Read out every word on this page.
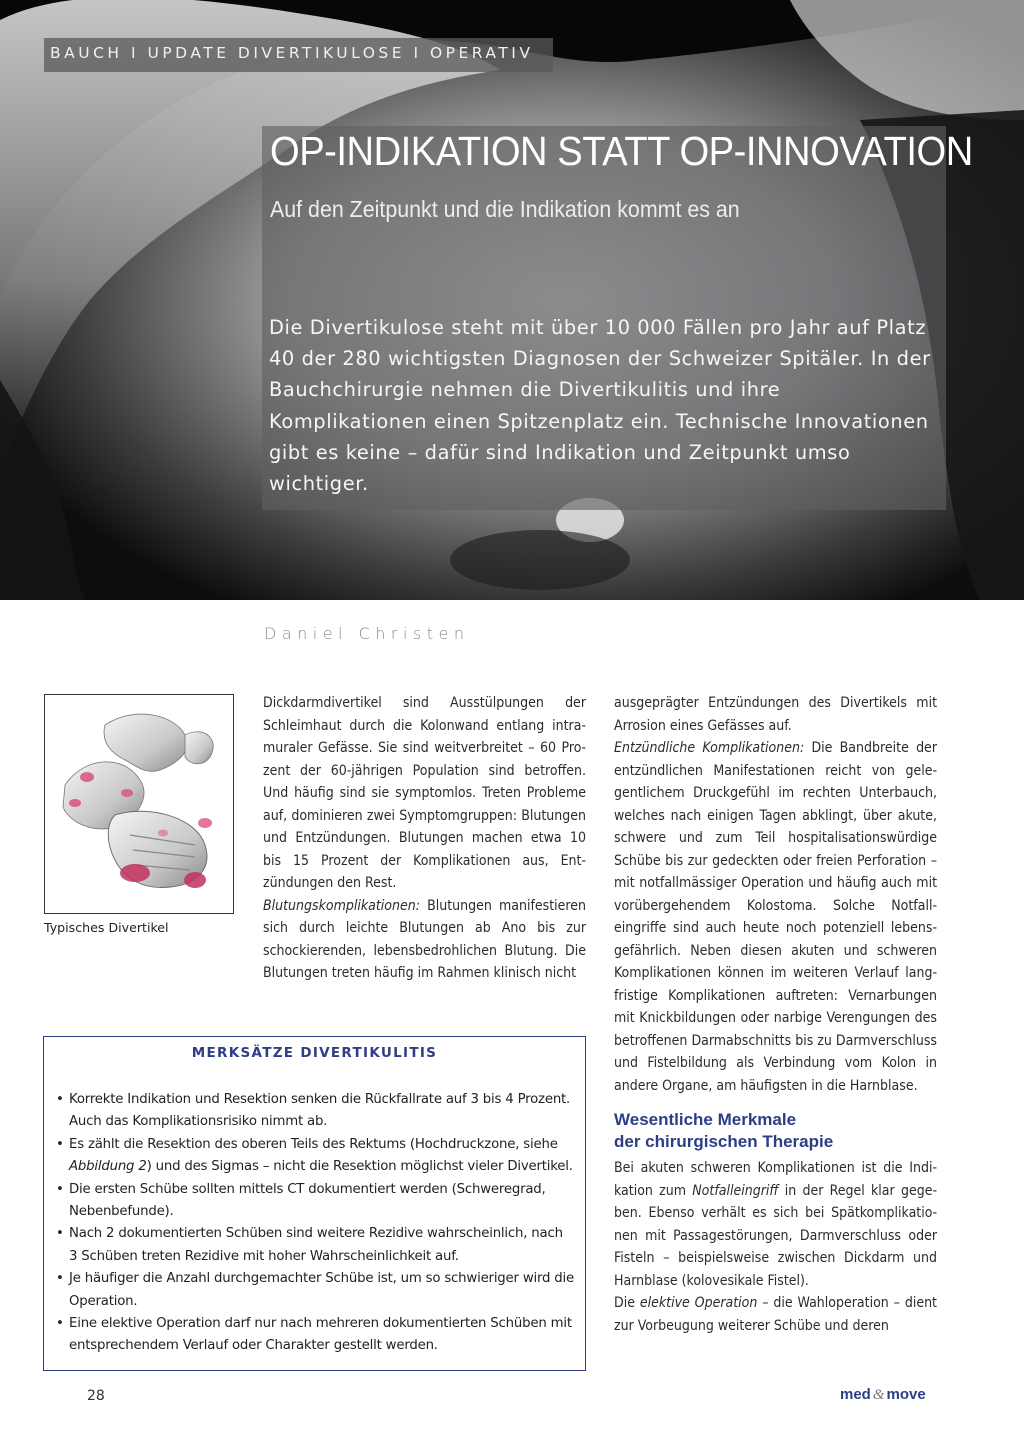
BAUCH I UPDATE DIVERTIKULOSE I OPERATIV
OP-INDIKATION STATT OP-INNOVATION
Auf den Zeitpunkt und die Indikation kommt es an

Die Divertikulose steht mit über 10 000 Fällen pro Jahr auf Platz 40 der 280 wichtigsten Diagnosen der Schweizer Spitäler. In der Bauchchirurgie nehmen die Divertikulitis und ihre Komplikationen einen Spitzenplatz ein. Technische Innovationen gibt es keine – dafür sind Indikation und Zeitpunkt umso wichtiger.

Daniel Christen
Typisches Divertikel

Dickdarmdivertikel sind Ausstülpungen der Schleimhaut durch die Kolonwand entlang intramuraler Gefässe. Sie sind weitverbreitet – 60 Prozent der 60-jährigen Population sind betroffen. Und häufig sind sie symptomlos. Treten Probleme auf, dominieren zwei Symptomgruppen: Blutungen und Entzündungen. Blutungen machen etwa 10 bis 15 Prozent der Komplikationen aus, Entzündungen den Rest.

Blutungskomplikationen: Blutungen manifestieren sich durch leichte Blutungen ab Ano bis zur schockierenden, lebensbedrohlichen Blutung. Die Blutungen treten häufig im Rahmen klinisch nicht

ausgeprägter Entzündungen des Divertikels mit Arrosion eines Gefässes auf.

Entzündliche Komplikationen: Die Bandbreite der entzündlichen Manifestationen reicht von gelegentlichem Druckgefühl im rechten Unterbauch, welches nach einigen Tagen abklingt, über akute, schwere und zum Teil hospitalisationswürdige Schübe bis zur gedeckten oder freien Perforation – mit notfallmässiger Operation und häufig auch mit vorübergehendem Kolostoma. Solche Notfalleingriffe sind auch heute noch potenziell lebensgefährlich. Neben diesen akuten und schweren Komplikationen können im weiteren Verlauf langfristige Komplikationen auftreten: Vernarbungen mit Knickbildungen oder narbige Verengungen des betroffenen Darmabschnitts bis zu Darmverschluss und Fistelbildung als Verbindung vom Kolon in andere Organe, am häufigsten in die Harnblase.

Wesentliche Merkmale
der chirurgischen Therapie

Bei akuten schweren Komplikationen ist die Indikation zum Notfalleingriff in der Regel klar gegeben. Ebenso verhält es sich bei Spätkomplikationen mit Passagestörungen, Darmverschluss oder Fisteln – beispielsweise zwischen Dickdarm und Harnblase (kolovesikale Fistel).

Die elektive Operation – die Wahloperation – dient zur Vorbeugung weiterer Schübe und deren

MERKSÄTZE DIVERTIKULITIS
• Korrekte Indikation und Resektion senken die Rückfallrate auf 3 bis 4 Prozent. Auch das Komplikationsrisiko nimmt ab.
• Es zählt die Resektion des oberen Teils des Rektums (Hochdruckzone, siehe Abbildung 2) und des Sigmas – nicht die Resektion möglichst vieler Divertikel.
• Die ersten Schübe sollten mittels CT dokumentiert werden (Schweregrad, Nebenbefunde).
• Nach 2 dokumentierten Schüben sind weitere Rezidive wahrscheinlich, nach 3 Schüben treten Rezidive mit hoher Wahrscheinlichkeit auf.
• Je häufiger die Anzahl durchgemachter Schübe ist, um so schwieriger wird die Operation.
• Eine elektive Operation darf nur nach mehreren dokumentierten Schüben mit entsprechendem Verlauf oder Charakter gestellt werden.
28	med & move
